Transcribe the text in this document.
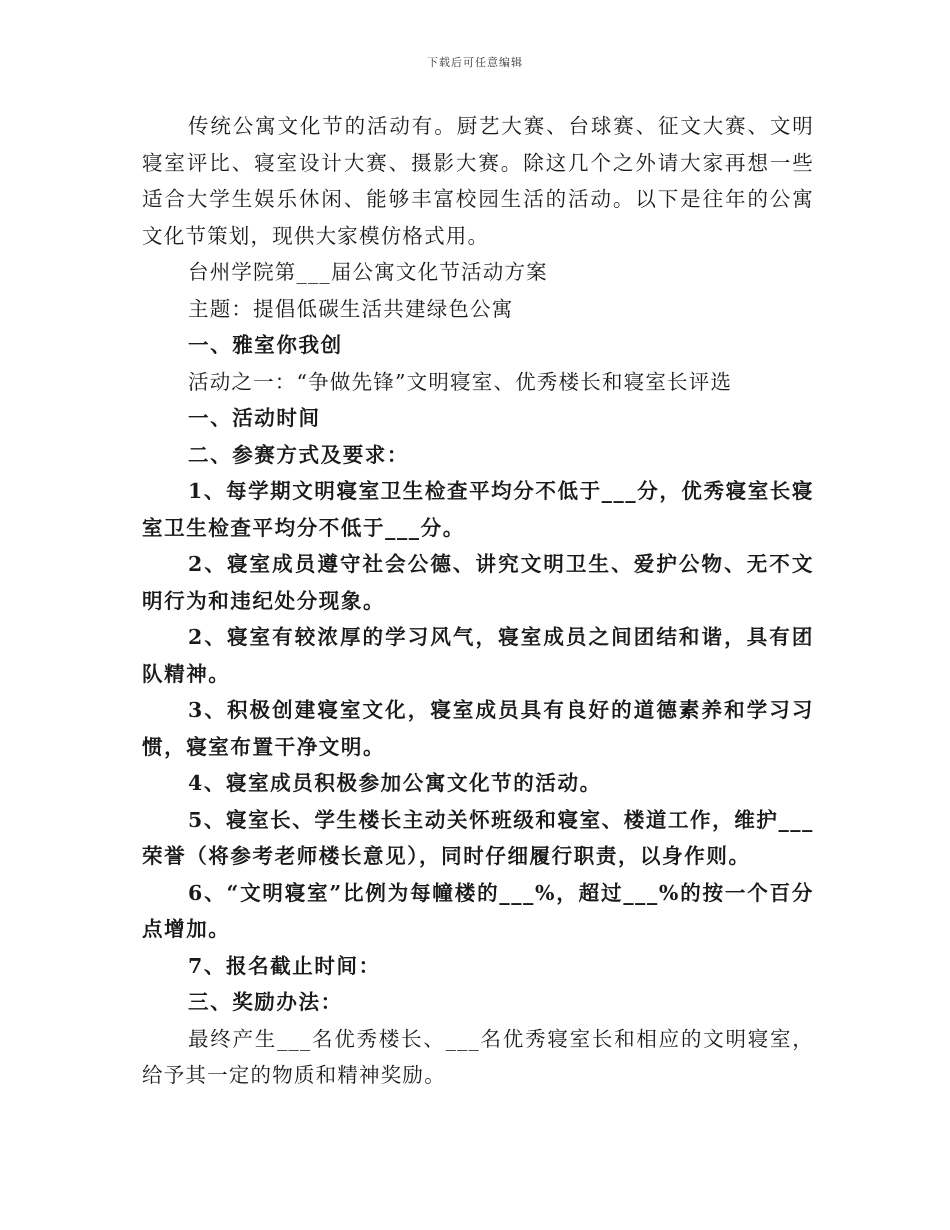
下载后可任意编辑

传统公寓文化节的活动有。厨艺大赛、台球赛、征文大赛、文明寝室评比、寝室设计大赛、摄影大赛。除这几个之外请大家再想一些适合大学生娱乐休闲、能够丰富校园生活的活动。以下是往年的公寓文化节策划，现供大家模仿格式用。

台州学院第___届公寓文化节活动方案

主题：提倡低碳生活共建绿色公寓

一、雅室你我创

活动之一：“争做先锋”文明寝室、优秀楼长和寝室长评选

一、活动时间

二、参赛方式及要求：

1、每学期文明寝室卫生检查平均分不低于___分，优秀寝室长寝室卫生检查平均分不低于___分。

2、寝室成员遵守社会公德、讲究文明卫生、爱护公物、无不文明行为和违纪处分现象。

2、寝室有较浓厚的学习风气，寝室成员之间团结和谐，具有团队精神。

3、积极创建寝室文化，寝室成员具有良好的道德素养和学习习惯，寝室布置干净文明。

4、寝室成员积极参加公寓文化节的活动。

5、寝室长、学生楼长主动关怀班级和寝室、楼道工作，维护___荣誉（将参考老师楼长意见），同时仔细履行职责，以身作则。

6、“文明寝室”比例为每幢楼的___%，超过___%的按一个百分点增加。

7、报名截止时间：

三、奖励办法：

最终产生___名优秀楼长、___名优秀寝室长和相应的文明寝室，给予其一定的物质和精神奖励。
